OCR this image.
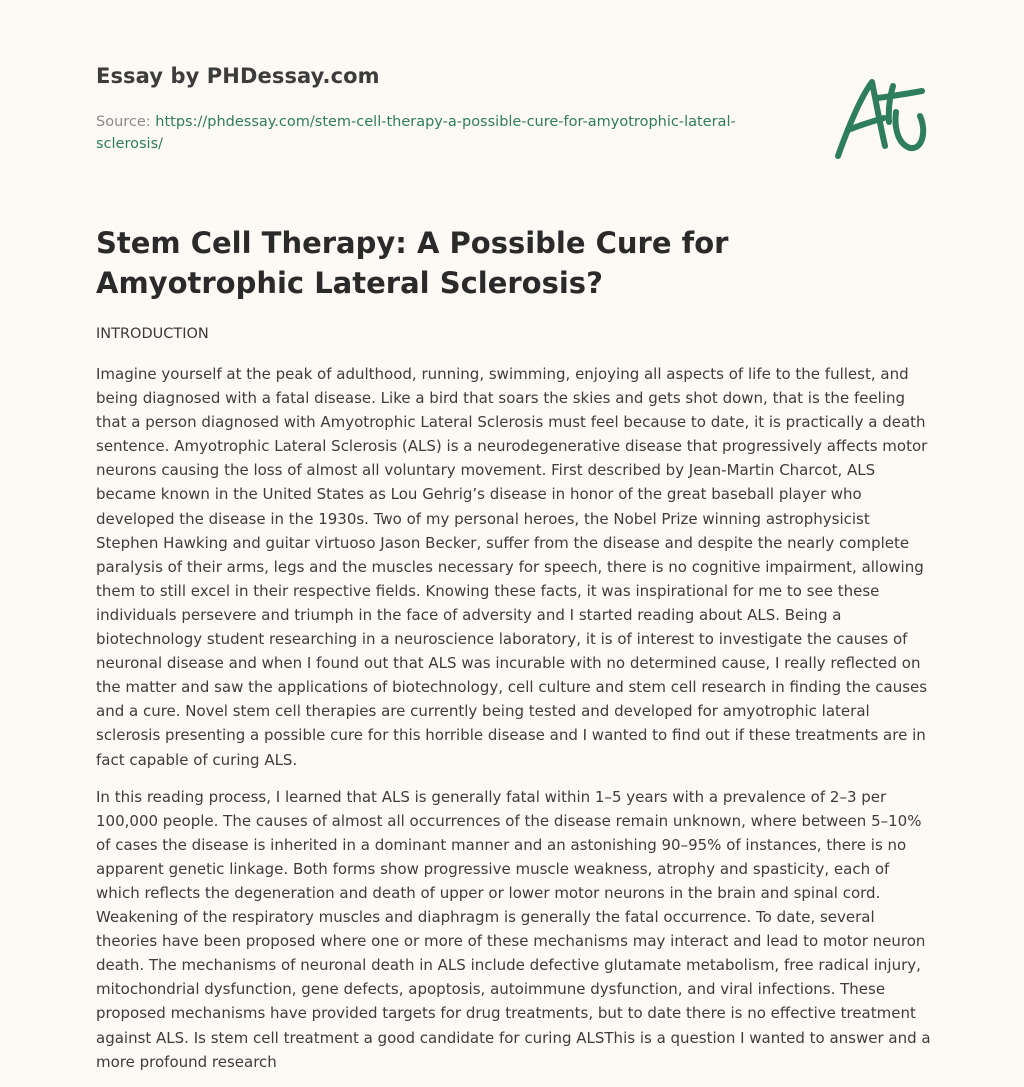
Essay by PHDessay.com

Source: https://phdessay.com/stem-cell-therapy-a-possible-cure-for-amyotrophic-lateral-sclerosis/

Stem Cell Therapy: A Possible Cure for Amyotrophic Lateral Sclerosis?

INTRODUCTION

Imagine yourself at the peak of adulthood, running, swimming, enjoying all aspects of life to the fullest, and being diagnosed with a fatal disease. Like a bird that soars the skies and gets shot down, that is the feeling that a person diagnosed with Amyotrophic Lateral Sclerosis must feel because to date, it is practically a death sentence. Amyotrophic Lateral Sclerosis (ALS) is a neurodegenerative disease that progressively affects motor neurons causing the loss of almost all voluntary movement. First described by Jean-Martin Charcot, ALS became known in the United States as Lou Gehrig’s disease in honor of the great baseball player who developed the disease in the 1930s. Two of my personal heroes, the Nobel Prize winning astrophysicist Stephen Hawking and guitar virtuoso Jason Becker, suffer from the disease and despite the nearly complete paralysis of their arms, legs and the muscles necessary for speech, there is no cognitive impairment, allowing them to still excel in their respective fields. Knowing these facts, it was inspirational for me to see these individuals persevere and triumph in the face of adversity and I started reading about ALS. Being a biotechnology student researching in a neuroscience laboratory, it is of interest to investigate the causes of neuronal disease and when I found out that ALS was incurable with no determined cause, I really reflected on the matter and saw the applications of biotechnology, cell culture and stem cell research in finding the causes and a cure. Novel stem cell therapies are currently being tested and developed for amyotrophic lateral sclerosis presenting a possible cure for this horrible disease and I wanted to find out if these treatments are in fact capable of curing ALS.

In this reading process, I learned that ALS is generally fatal within 1–5 years with a prevalence of 2–3 per 100,000 people. The causes of almost all occurrences of the disease remain unknown, where between 5–10% of cases the disease is inherited in a dominant manner and an astonishing 90–95% of instances, there is no apparent genetic linkage. Both forms show progressive muscle weakness, atrophy and spasticity, each of which reflects the degeneration and death of upper or lower motor neurons in the brain and spinal cord. Weakening of the respiratory muscles and diaphragm is generally the fatal occurrence. To date, several theories have been proposed where one or more of these mechanisms may interact and lead to motor neuron death. The mechanisms of neuronal death in ALS include defective glutamate metabolism, free radical injury, mitochondrial dysfunction, gene defects, apoptosis, autoimmune dysfunction, and viral infections. These proposed mechanisms have provided targets for drug treatments, but to date there is no effective treatment against ALS. Is stem cell treatment a good candidate for curing ALSThis is a question I wanted to answer and a more profound research
